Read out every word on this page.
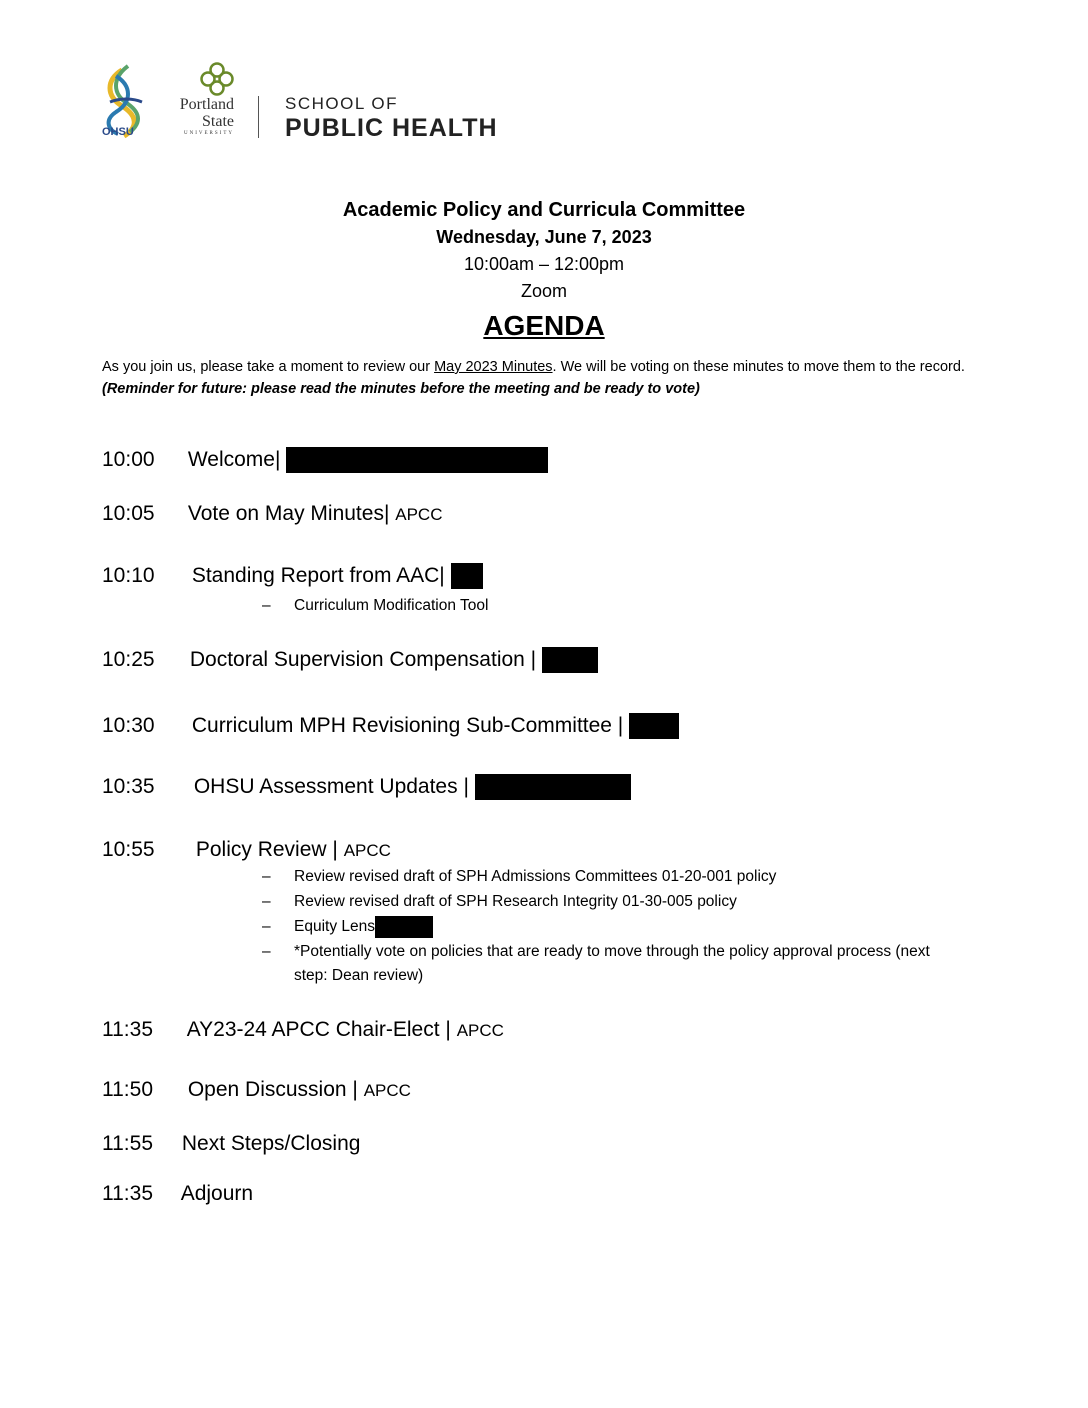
OHSU
Portland State
UNIVERSITY
SCHOOL OF
PUBLIC HEALTH
Academic Policy and Curricula Committee
Wednesday, June 7, 2023
10:00am – 12:00pm
Zoom
AGENDA
As you join us, please take a moment to review our May 2023 Minutes. We will be voting on these minutes to move them to the record. (Reminder for future: please read the minutes before the meeting and be ready to vote)
10:00 Welcome|
10:05 Vote on May Minutes| APCC
10:10 Standing Report from AAC|
– Curriculum Modification Tool
10:25 Doctoral Supervision Compensation |
10:30 Curriculum MPH Revisioning Sub-Committee |
10:35 OHSU Assessment Updates |
10:55 Policy Review | APCC
– Review revised draft of SPH Admissions Committees 01-20-001 policy
– Review revised draft of SPH Research Integrity 01-30-005 policy
– Equity Lens
– *Potentially vote on policies that are ready to move through the policy approval process (next
step: Dean review)
11:35 AY23-24 APCC Chair-Elect | APCC
11:50 Open Discussion | APCC
11:55 Next Steps/Closing
11:35 Adjourn
